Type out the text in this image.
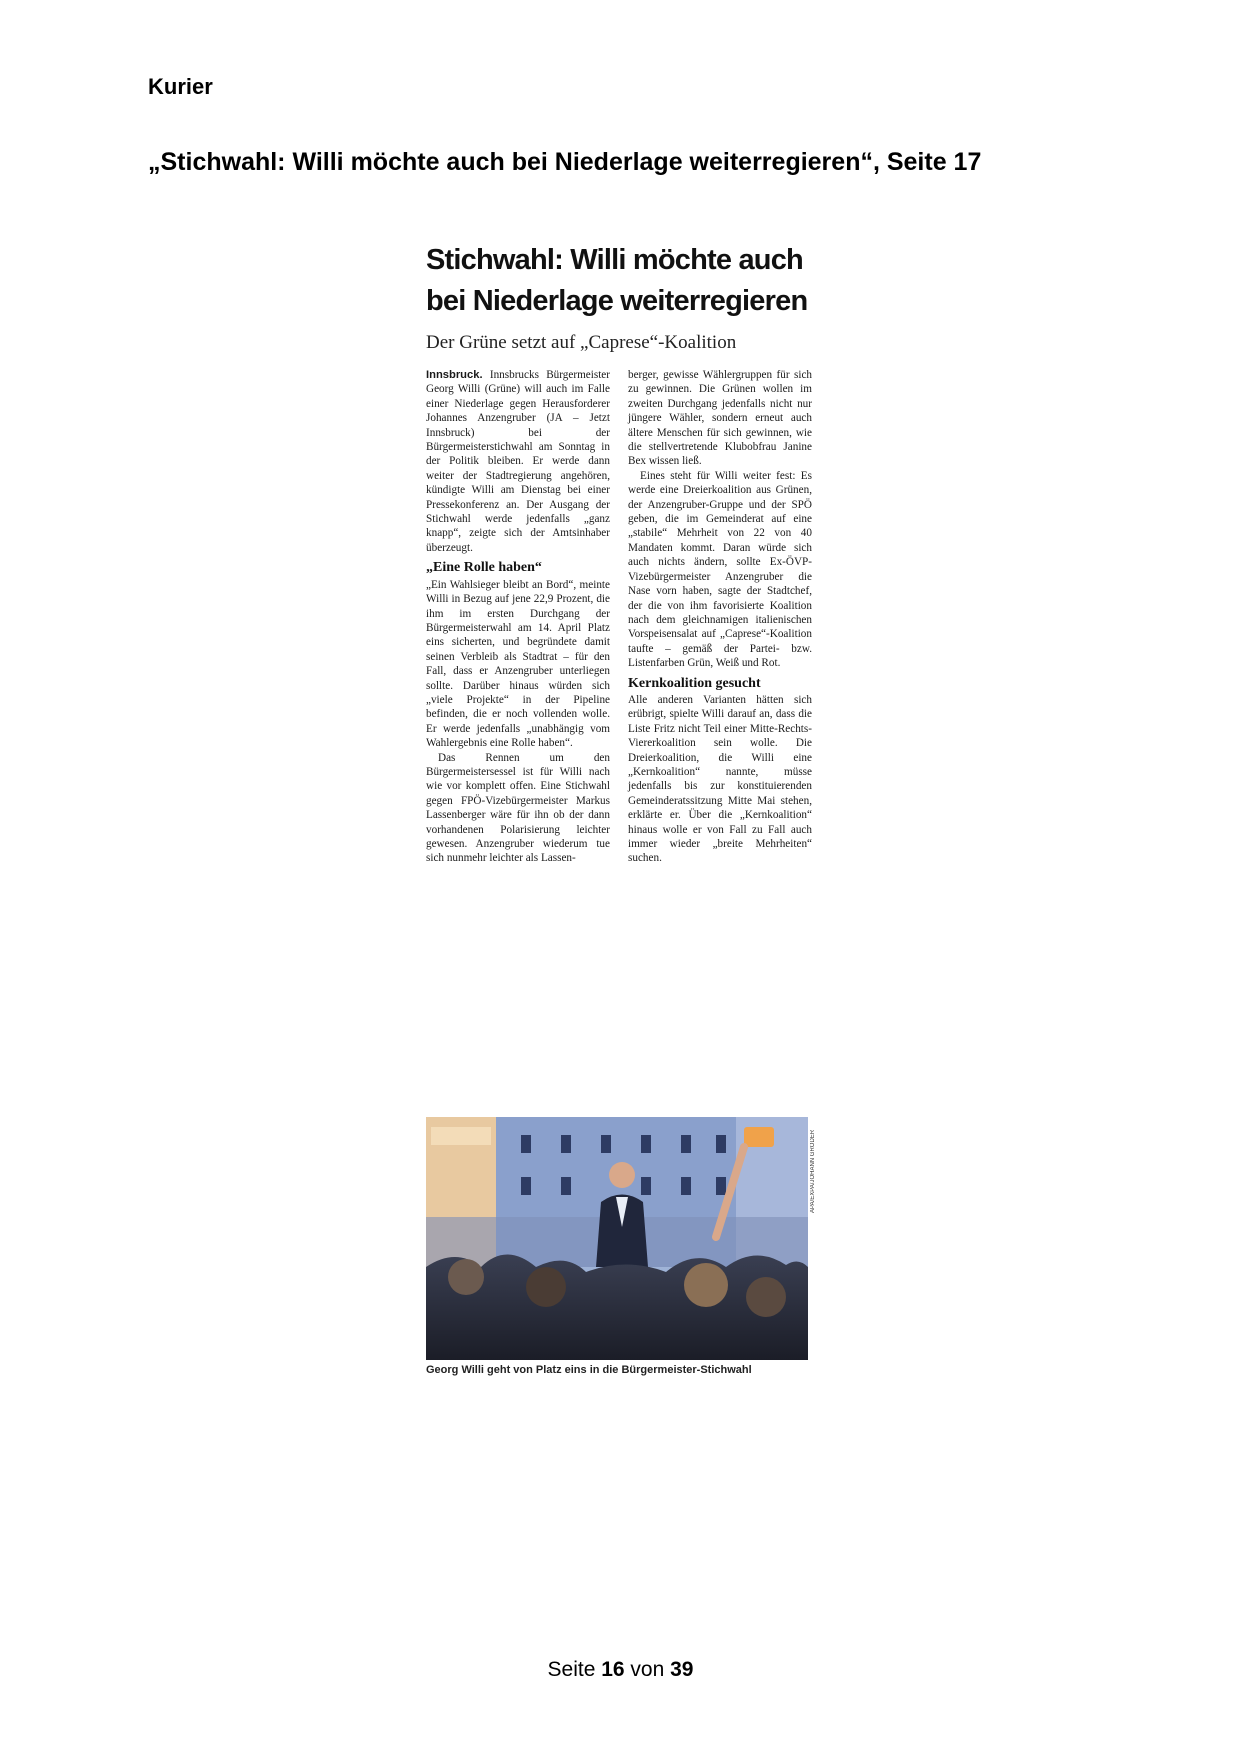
Kurier
„Stichwahl: Willi möchte auch bei Niederlage weiterregieren“, Seite 17
Stichwahl: Willi möchte auch
bei Niederlage weiterregieren
Der Grüne setzt auf „Caprese“-Koalition

Innsbruck. Innsbrucks Bürgermeister Georg Willi (Grüne) will auch im Falle einer Niederlage gegen Herausforderer Johannes Anzengruber (JA – Jetzt Innsbruck) bei der Bürgermeisterstichwahl am Sonntag in der Politik bleiben. Er werde dann weiter der Stadtregierung angehören, kündigte Willi am Dienstag bei einer Pressekonferenz an. Der Ausgang der Stichwahl werde jedenfalls „ganz knapp“, zeigte sich der Amtsinhaber überzeugt.

„Eine Rolle haben“

„Ein Wahlsieger bleibt an Bord“, meinte Willi in Bezug auf jene 22,9 Prozent, die ihm im ersten Durchgang der Bürgermeisterwahl am 14. April Platz eins sicherten, und begründete damit seinen Verbleib als Stadtrat – für den Fall, dass er Anzengruber unterliegen sollte. Darüber hinaus würden sich „viele Projekte“ in der Pipeline befinden, die er noch vollenden wolle. Er werde jedenfalls „unabhängig vom Wahlergebnis eine Rolle haben“.

Das Rennen um den Bürgermeistersessel ist für Willi nach wie vor komplett offen. Eine Stichwahl gegen FPÖ-Vizebürgermeister Markus Lassenberger wäre für ihn ob der dann vorhandenen Polarisierung leichter gewesen. Anzengruber wiederum tue sich nunmehr leichter als Lassen-

berger, gewisse Wählergruppen für sich zu gewinnen. Die Grünen wollen im zweiten Durchgang jedenfalls nicht nur jüngere Wähler, sondern erneut auch ältere Menschen für sich gewinnen, wie die stellvertretende Klubobfrau Janine Bex wissen ließ.

Eines steht für Willi weiter fest: Es werde eine Dreierkoalition aus Grünen, der Anzengruber-Gruppe und der SPÖ geben, die im Gemeinderat auf eine „stabile“ Mehrheit von 22 von 40 Mandaten kommt. Daran würde sich auch nichts ändern, sollte Ex-ÖVP-Vizebürgermeister Anzengruber die Nase vorn haben, sagte der Stadtchef, der die von ihm favorisierte Koalition nach dem gleichnamigen italienischen Vorspeisensalat auf „Caprese“-Koalition taufte – gemäß der Partei- bzw. Listenfarben Grün, Weiß und Rot.

Kernkoalition gesucht

Alle anderen Varianten hätten sich erübrigt, spielte Willi darauf an, dass die Liste Fritz nicht Teil einer Mitte-Rechts-Viererkoalition sein wolle. Die Dreierkoalition, die Willi eine „Kernkoalition“ nannte, müsse jedenfalls bis zur konstituierenden Gemeinderatssitzung Mitte Mai stehen, erklärte er. Über die „Kernkoalition“ hinaus wolle er von Fall zu Fall auch immer wieder „breite Mehrheiten“ suchen.

APA/EXPA/JOHANN GRODER
Georg Willi geht von Platz eins in die Bürgermeister-Stichwahl
Seite 16 von 39
